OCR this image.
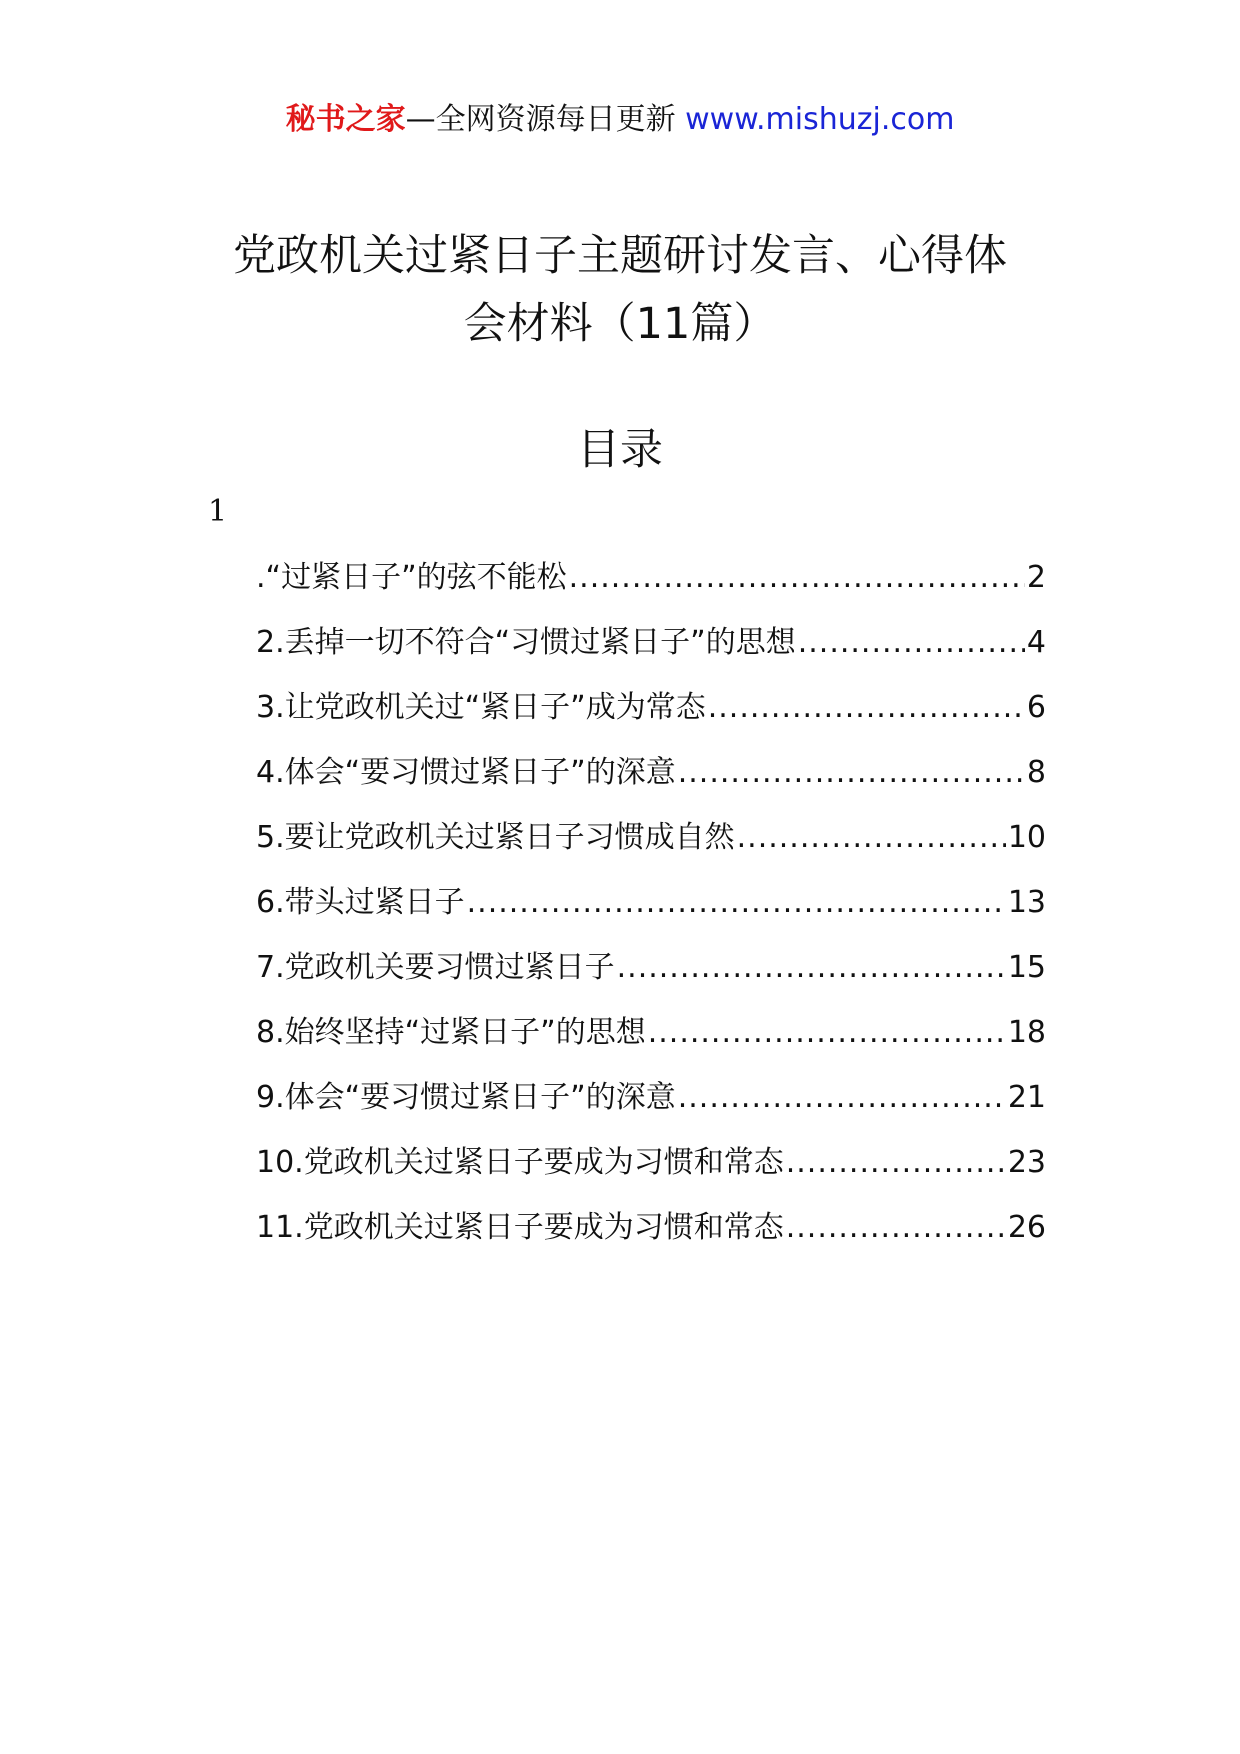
秘书之家—全网资源每日更新 www.mishuzj.com
党政机关过紧日子主题研讨发言、心得体
会材料（11篇）
目录
1
.“过紧日子”的弦不能松 .....	2
2.丢掉一切不符合“习惯过紧日子”的思想 .....	4
3.让党政机关过“紧日子”成为常态 .....	6
4.体会“要习惯过紧日子”的深意 .....	8
5.要让党政机关过紧日子习惯成自然 .....	10
6.带头过紧日子 .....	13
7.党政机关要习惯过紧日子 .....	15
8.始终坚持“过紧日子”的思想 .....	18
9.体会“要习惯过紧日子”的深意 .....	21
10.党政机关过紧日子要成为习惯和常态 .....	23
11.党政机关过紧日子要成为习惯和常态 .....	26
